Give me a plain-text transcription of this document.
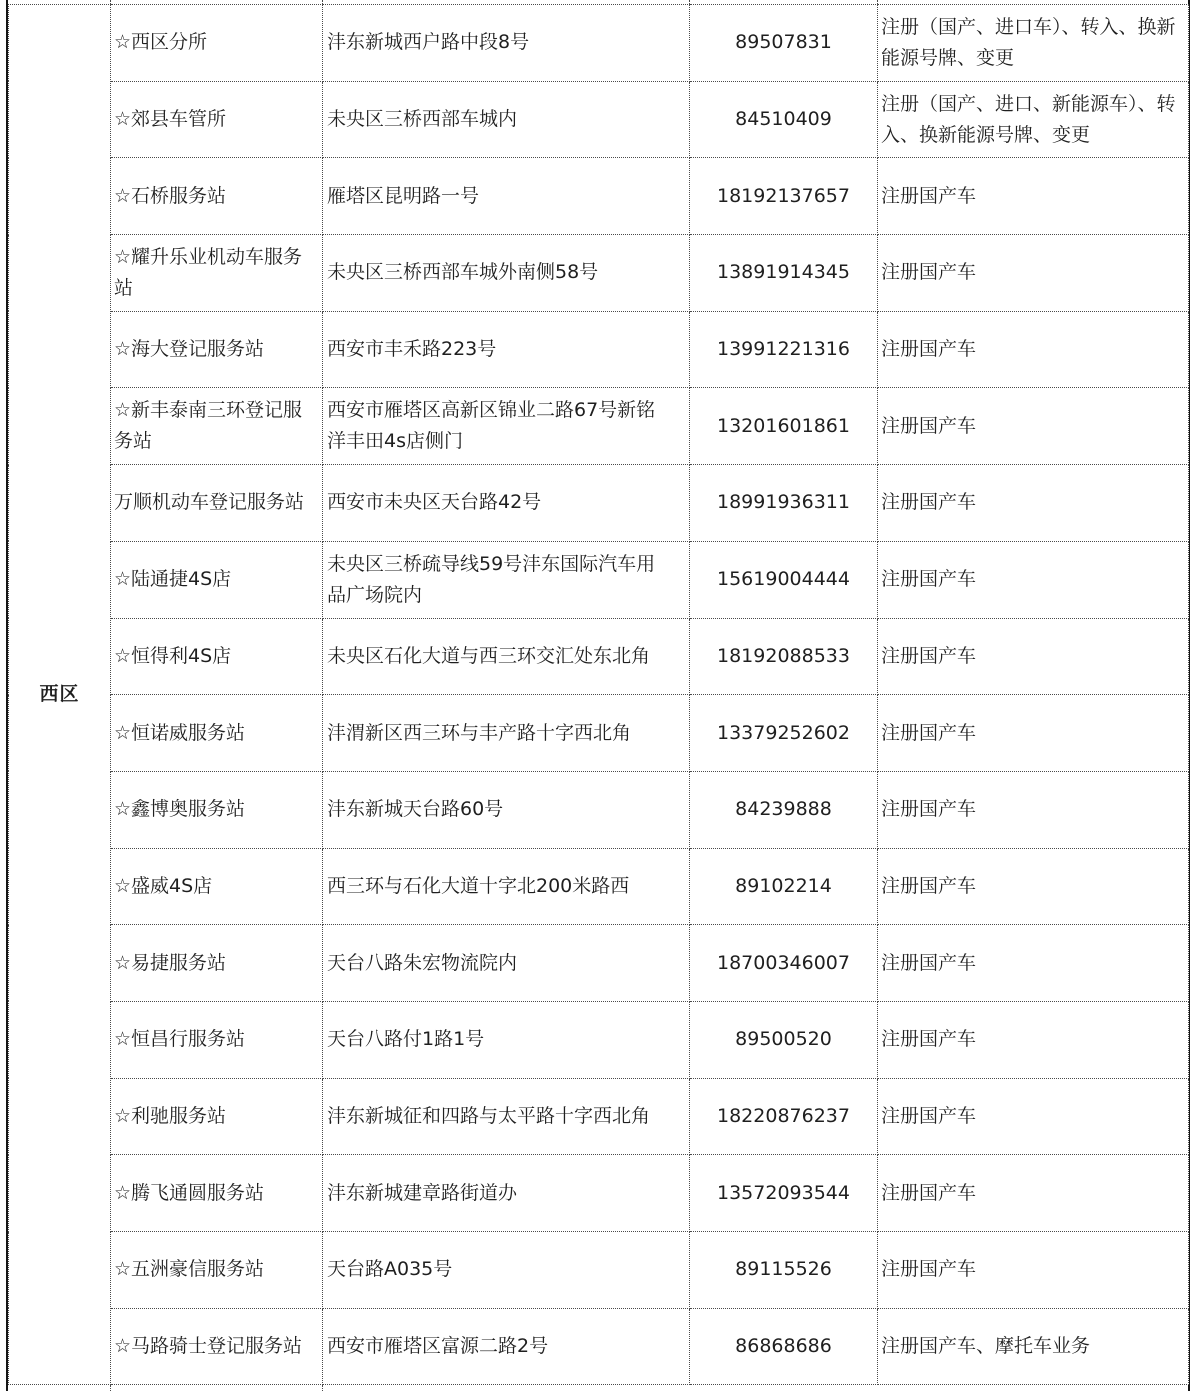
西区	☆西区分所	沣东新城西户路中段8号	89507831	注册（国产、进口车）、转入、换新能源号牌、变更
	☆郊县车管所	未央区三桥西部车城内	84510409	注册（国产、进口、新能源车）、转入、换新能源号牌、变更
	☆石桥服务站	雁塔区昆明路一号	18192137657	注册国产车
	☆耀升乐业机动车服务站	未央区三桥西部车城外南侧58号	13891914345	注册国产车
	☆海大登记服务站	西安市丰禾路223号	13991221316	注册国产车
	☆新丰泰南三环登记服务站	西安市雁塔区高新区锦业二路67号新铭洋丰田4s店侧门	13201601861	注册国产车
	万顺机动车登记服务站	西安市未央区天台路42号	18991936311	注册国产车
	☆陆通捷4S店	未央区三桥疏导线59号沣东国际汽车用品广场院内	15619004444	注册国产车
	☆恒得利4S店	未央区石化大道与西三环交汇处东北角	18192088533	注册国产车
	☆恒诺威服务站	沣渭新区西三环与丰产路十字西北角	13379252602	注册国产车
	☆鑫博奥服务站	沣东新城天台路60号	84239888	注册国产车
	☆盛威4S店	西三环与石化大道十字北200米路西	89102214	注册国产车
	☆易捷服务站	天台八路朱宏物流院内	18700346007	注册国产车
	☆恒昌行服务站	天台八路付1路1号	89500520	注册国产车
	☆利驰服务站	沣东新城征和四路与太平路十字西北角	18220876237	注册国产车
	☆腾飞通圆服务站	沣东新城建章路街道办	13572093544	注册国产车
	☆五洲豪信服务站	天台路A035号	89115526	注册国产车
	☆马路骑士登记服务站	西安市雁塔区富源二路2号	86868686	注册国产车、摩托车业务
